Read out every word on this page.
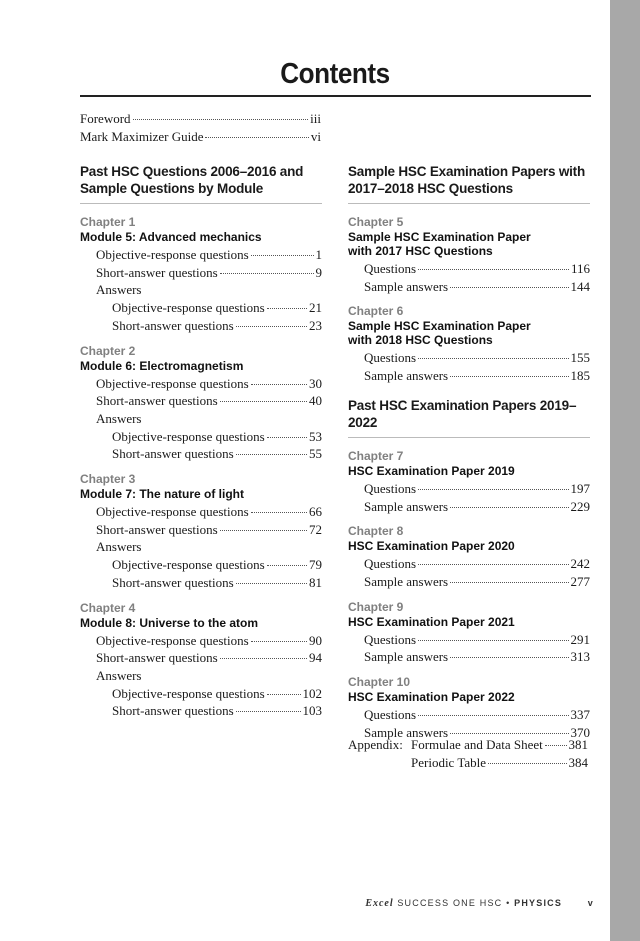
Contents
Foreword	iii
Mark Maximizer Guide	vi
Past HSC Questions 2006–2016 and
Sample Questions by Module
Chapter 1
Module 5: Advanced mechanics
Objective-response questions	1
Short-answer questions	9
Answers
Objective-response questions	21
Short-answer questions	23
Chapter 2
Module 6: Electromagnetism
Objective-response questions	30
Short-answer questions	40
Answers
Objective-response questions	53
Short-answer questions	55
Chapter 3
Module 7: The nature of light
Objective-response questions	66
Short-answer questions	72
Answers
Objective-response questions	79
Short-answer questions	81
Chapter 4
Module 8: Universe to the atom
Objective-response questions	90
Short-answer questions	94
Answers
Objective-response questions	102
Short-answer questions	103
Sample HSC Examination Papers with
2017–2018 HSC Questions
Chapter 5
Sample HSC Examination Paper
with 2017 HSC Questions
Questions	116
Sample answers	144
Chapter 6
Sample HSC Examination Paper
with 2018 HSC Questions
Questions	155
Sample answers	185
Past HSC Examination Papers 2019–2022
Chapter 7
HSC Examination Paper 2019
Questions	197
Sample answers	229
Chapter 8
HSC Examination Paper 2020
Questions	242
Sample answers	277
Chapter 9
HSC Examination Paper 2021
Questions	291
Sample answers	313
Chapter 10
HSC Examination Paper 2022
Questions	337
Sample answers	370
Appendix: Formulae and Data Sheet 381
Periodic Table	384
Excel SUCCESS ONE HSC • PHYSICS	v
